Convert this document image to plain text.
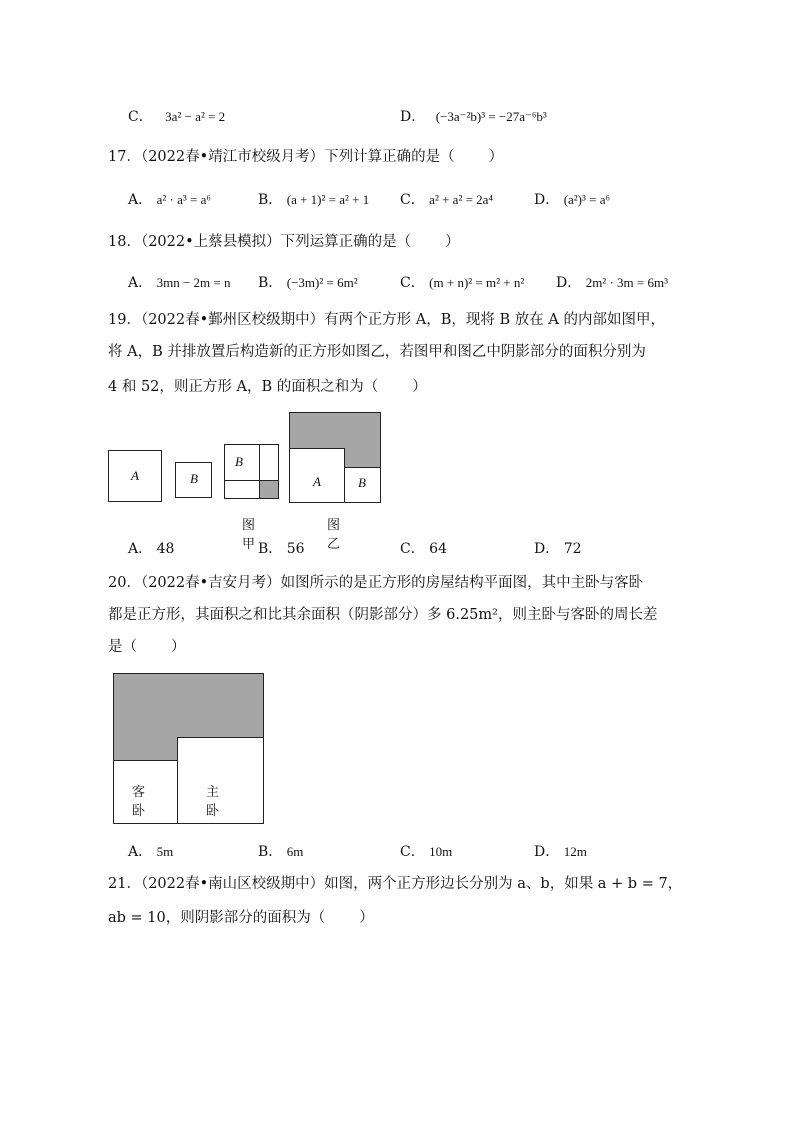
C． 3a² − a² = 2	D． (−3a⁻²b)³ = −27a⁻⁶b³
17．（2022春•靖江市校级月考）下列计算正确的是（ ）
A． a² · a³ = a⁶	B． (a + 1)² = a² + 1 C． a² + a² = 2a⁴	D． (a²)³ = a⁶
18．（2022•上蔡县模拟）下列运算正确的是（ ）
A． 3mn − 2m = n B． (−3m)² = 6m²	C． (m + n)² = m² + n² D． 2m² · 3m = 6m³
19．（2022春•鄞州区校级期中）有两个正方形 A，B，现将 B 放在 A 的内部如图甲，
将 A，B 并排放置后构造新的正方形如图乙，若图甲和图乙中阴影部分的面积分别为
4 和 52，则正方形 A，B 的面积之和为（ ）
A	B
B
图甲
A	B
图乙
A． 48	B． 56	C． 64	D． 72
20．（2022春•吉安月考）如图所示的是正方形的房屋结构平面图，其中主卧与客卧
都是正方形，其面积之和比其余面积（阴影部分）多 6.25m²，则主卧与客卧的周长差
是（ ）
客卧
主卧
A． 5m	B． 6m	C． 10m	D． 12m
21．（2022春•南山区校级期中）如图，两个正方形边长分别为 a、b，如果 a + b = 7，
ab = 10，则阴影部分的面积为（ ）
